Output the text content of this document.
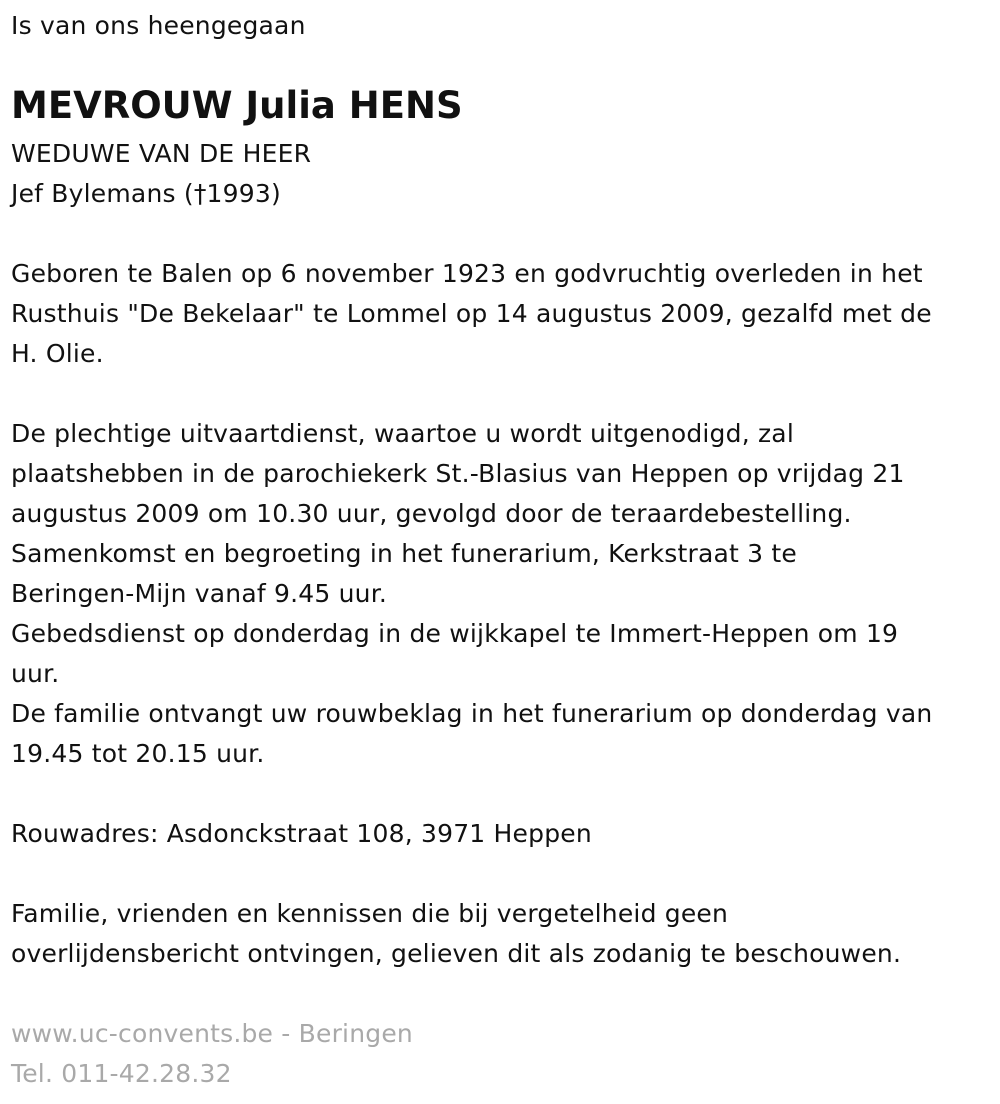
Is van ons heengegaan

MEVROUW Julia HENS

WEDUWE VAN DE HEER

Jef Bylemans (†1993)

Geboren te Balen op 6 november 1923 en godvruchtig overleden in het

Rusthuis "De Bekelaar" te Lommel op 14 augustus 2009, gezalfd met de

H. Olie.

De plechtige uitvaartdienst, waartoe u wordt uitgenodigd, zal

plaatshebben in de parochiekerk St.-Blasius van Heppen op vrijdag 21

augustus 2009 om 10.30 uur, gevolgd door de teraardebestelling.

Samenkomst en begroeting in het funerarium, Kerkstraat 3 te

Beringen-Mijn vanaf 9.45 uur.

Gebedsdienst op donderdag in de wijkkapel te Immert-Heppen om 19

uur.

De familie ontvangt uw rouwbeklag in het funerarium op donderdag van

19.45 tot 20.15 uur.

Rouwadres: Asdonckstraat 108, 3971 Heppen

Familie, vrienden en kennissen die bij vergetelheid geen

overlijdensbericht ontvingen, gelieven dit als zodanig te beschouwen.

www.uc-convents.be - Beringen

Tel. 011-42.28.32
